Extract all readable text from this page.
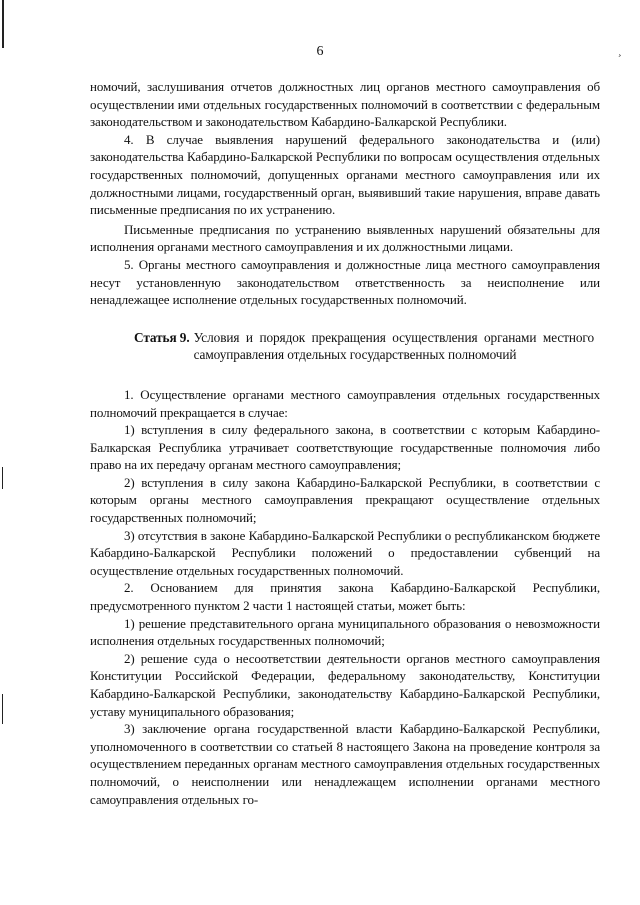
6	¸

номочий, заслушивания отчетов должностных лиц органов местного самоуправления об осуществлении ими отдельных государственных полномочий в соответствии с федеральным законодательством и законодательством Кабардино-Балкарской Республики.

4. В случае выявления нарушений федерального законодательства и (или) законодательства Кабардино-Балкарской Республики по вопросам осуществления отдельных государственных полномочий, допущенных органами местного самоуправления или их должностными лицами, государственный орган, выявивший такие нарушения, вправе давать письменные предписания по их устранению.

Письменные предписания по устранению выявленных нарушений обязательны для исполнения органами местного самоуправления и их должностными лицами.

5. Органы местного самоуправления и должностные лица местного самоуправления несут установленную законодательством ответственность за неисполнение или ненадлежащее исполнение отдельных государственных полномочий.

Статья 9. Условия и порядок прекращения осуществления органами местного самоуправления отдельных государственных полномочий

1. Осуществление органами местного самоуправления отдельных государственных полномочий прекращается в случае:

1) вступления в силу федерального закона, в соответствии с которым Кабардино-Балкарская Республика утрачивает соответствующие государственные полномочия либо право на их передачу органам местного самоуправления;

2) вступления в силу закона Кабардино-Балкарской Республики, в соответствии с которым органы местного самоуправления прекращают осуществление отдельных государственных полномочий;

3) отсутствия в законе Кабардино-Балкарской Республики о республиканском бюджете Кабардино-Балкарской Республики положений о предоставлении субвенций на осуществление отдельных государственных полномочий.

2. Основанием для принятия закона Кабардино-Балкарской Республики, предусмотренного пунктом 2 части 1 настоящей статьи, может быть:

1) решение представительного органа муниципального образования о невозможности исполнения отдельных государственных полномочий;

2) решение суда о несоответствии деятельности органов местного самоуправления Конституции Российской Федерации, федеральному законодательству, Конституции Кабардино-Балкарской Республики, законодательству Кабардино-Балкарской Республики, уставу муниципального образования;

3) заключение органа государственной власти Кабардино-Балкарской Республики, уполномоченного в соответствии со статьей 8 настоящего Закона на проведение контроля за осуществлением переданных органам местного самоуправления отдельных государственных полномочий, о неисполнении или ненадлежащем исполнении органами местного самоуправления отдельных го-
